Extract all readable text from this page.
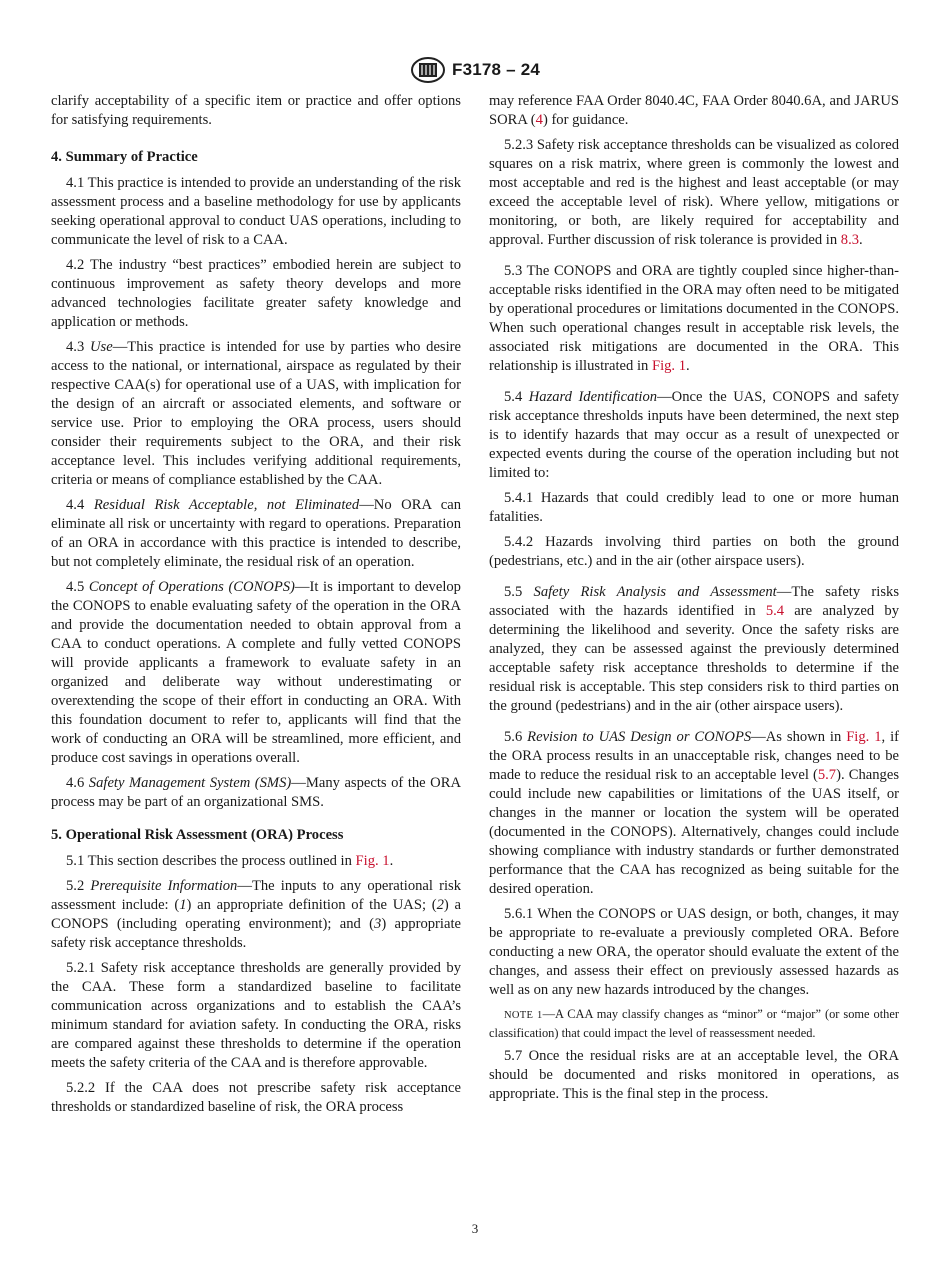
F3178 – 24

clarify acceptability of a specific item or practice and offer options for satisfying requirements.

4. Summary of Practice

4.1 This practice is intended to provide an understanding of the risk assessment process and a baseline methodology for use by applicants seeking operational approval to conduct UAS operations, including to communicate the level of risk to a CAA.

4.2 The industry “best practices” embodied herein are subject to continuous improvement as safety theory develops and more advanced technologies facilitate greater safety knowledge and application or methods.

4.3 Use—This practice is intended for use by parties who desire access to the national, or international, airspace as regulated by their respective CAA(s) for operational use of a UAS, with implication for the design of an aircraft or associated elements, and software or service use. Prior to employing the ORA process, users should consider their requirements subject to the ORA, and their risk acceptance level. This includes verifying additional requirements, criteria or means of compliance established by the CAA.

4.4 Residual Risk Acceptable, not Eliminated—No ORA can eliminate all risk or uncertainty with regard to operations. Preparation of an ORA in accordance with this practice is intended to describe, but not completely eliminate, the residual risk of an operation.

4.5 Concept of Operations (CONOPS)—It is important to develop the CONOPS to enable evaluating safety of the operation in the ORA and provide the documentation needed to obtain approval from a CAA to conduct operations. A complete and fully vetted CONOPS will provide applicants a framework to evaluate safety in an organized and deliberate way without underestimating or overextending the scope of their effort in conducting an ORA. With this foundation document to refer to, applicants will find that the work of conducting an ORA will be streamlined, more efficient, and produce cost savings in operations overall.

4.6 Safety Management System (SMS)—Many aspects of the ORA process may be part of an organizational SMS.

5. Operational Risk Assessment (ORA) Process

5.1 This section describes the process outlined in Fig. 1.

5.2 Prerequisite Information—The inputs to any operational risk assessment include: (1) an appropriate definition of the UAS; (2) a CONOPS (including operating environment); and (3) appropriate safety risk acceptance thresholds.

5.2.1 Safety risk acceptance thresholds are generally provided by the CAA. These form a standardized baseline to facilitate communication across organizations and to establish the CAA’s minimum standard for aviation safety. In conducting the ORA, risks are compared against these thresholds to determine if the operation meets the safety criteria of the CAA and is therefore approvable.

5.2.2 If the CAA does not prescribe safety risk acceptance thresholds or standardized baseline of risk, the ORA process

may reference FAA Order 8040.4C, FAA Order 8040.6A, and JARUS SORA (4) for guidance.

5.2.3 Safety risk acceptance thresholds can be visualized as colored squares on a risk matrix, where green is commonly the lowest and most acceptable and red is the highest and least acceptable (or may exceed the acceptable level of risk). Where yellow, mitigations or monitoring, or both, are likely required for acceptability and approval. Further discussion of risk tolerance is provided in 8.3.

5.3 The CONOPS and ORA are tightly coupled since higher-than-acceptable risks identified in the ORA may often need to be mitigated by operational procedures or limitations documented in the CONOPS. When such operational changes result in acceptable risk levels, the associated risk mitigations are documented in the ORA. This relationship is illustrated in Fig. 1.

5.4 Hazard Identification—Once the UAS, CONOPS and safety risk acceptance thresholds inputs have been determined, the next step is to identify hazards that may occur as a result of unexpected or expected events during the course of the operation including but not limited to:

5.4.1 Hazards that could credibly lead to one or more human fatalities.

5.4.2 Hazards involving third parties on both the ground (pedestrians, etc.) and in the air (other airspace users).

5.5 Safety Risk Analysis and Assessment—The safety risks associated with the hazards identified in 5.4 are analyzed by determining the likelihood and severity. Once the safety risks are analyzed, they can be assessed against the previously determined acceptable safety risk acceptance thresholds to determine if the residual risk is acceptable. This step considers risk to third parties on the ground (pedestrians) and in the air (other airspace users).

5.6 Revision to UAS Design or CONOPS—As shown in Fig. 1, if the ORA process results in an unacceptable risk, changes need to be made to reduce the residual risk to an acceptable level (5.7). Changes could include new capabilities or limitations of the UAS itself, or changes in the manner or location the system will be operated (documented in the CONOPS). Alternatively, changes could include showing compliance with industry standards or further demonstrated performance that the CAA has recognized as being suitable for the desired operation.

5.6.1 When the CONOPS or UAS design, or both, changes, it may be appropriate to re-evaluate a previously completed ORA. Before conducting a new ORA, the operator should evaluate the extent of the changes, and assess their effect on previously assessed hazards as well as on any new hazards introduced by the changes.

NOTE 1—A CAA may classify changes as “minor” or “major” (or some other classification) that could impact the level of reassessment needed.

5.7 Once the residual risks are at an acceptable level, the ORA should be documented and risks monitored in operations, as appropriate. This is the final step in the process.

3
